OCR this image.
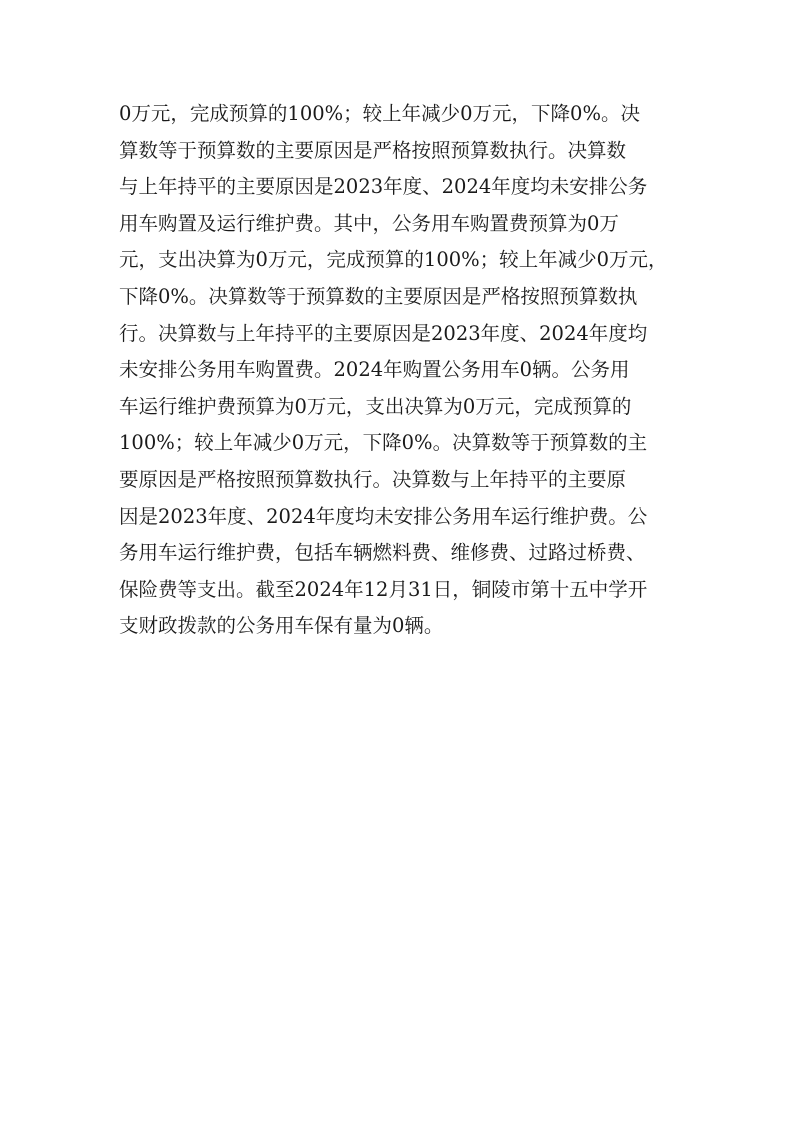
0万元，完成预算的100%；较上年减少0万元，下降0%。决
算数等于预算数的主要原因是严格按照预算数执行。决算数
与上年持平的主要原因是2023年度、2024年度均未安排公务
用车购置及运行维护费。其中，公务用车购置费预算为0万
元，支出决算为0万元，完成预算的100%；较上年减少0万元，
下降0%。决算数等于预算数的主要原因是严格按照预算数执
行。决算数与上年持平的主要原因是2023年度、2024年度均
未安排公务用车购置费。2024年购置公务用车0辆。公务用
车运行维护费预算为0万元，支出决算为0万元，完成预算的
100%；较上年减少0万元，下降0%。决算数等于预算数的主
要原因是严格按照预算数执行。决算数与上年持平的主要原
因是2023年度、2024年度均未安排公务用车运行维护费。公
务用车运行维护费，包括车辆燃料费、维修费、过路过桥费、
保险费等支出。截至2024年12月31日，铜陵市第十五中学开
支财政拨款的公务用车保有量为0辆。
